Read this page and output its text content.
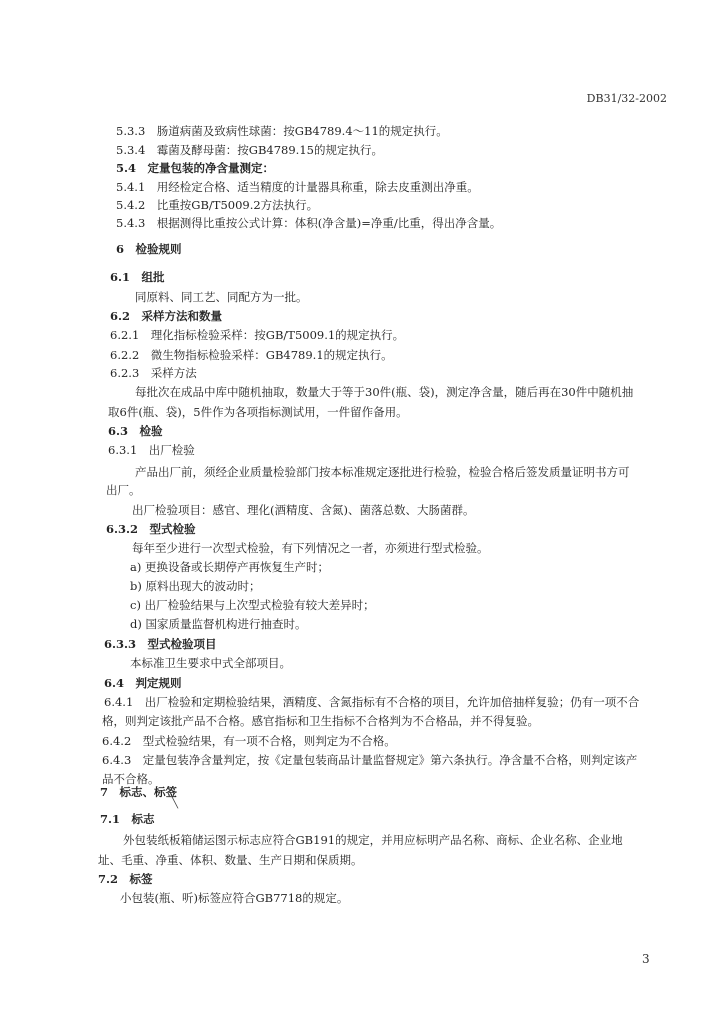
DB31/32-2002
5.3.3　肠道病菌及致病性球菌：按GB4789.4～11的规定执行。
5.3.4　霉菌及酵母菌：按GB4789.15的规定执行。
5.4　定量包装的净含量测定：
5.4.1　用经检定合格、适当精度的计量器具称重，除去皮重测出净重。
5.4.2　比重按GB/T5009.2方法执行。
5.4.3　根据测得比重按公式计算：体积(净含量)=净重/比重，得出净含量。
6　检验规则
6.1　组批
同原料、同工艺、同配方为一批。
6.2　采样方法和数量
6.2.1　理化指标检验采样：按GB/T5009.1的规定执行。
6.2.2　微生物指标检验采样：GB4789.1的规定执行。
6.2.3　采样方法
每批次在成品中库中随机抽取，数量大于等于30件(瓶、袋)，测定净含量，随后再在30件中随机抽
取6件(瓶、袋)，5件作为各项指标测试用，一件留作备用。
6.3　检验
6.3.1　出厂检验
产品出厂前，须经企业质量检验部门按本标准规定逐批进行检验，检验合格后签发质量证明书方可
出厂。
出厂检验项目：感官、理化(酒精度、含氮)、菌落总数、大肠菌群。
6.3.2　型式检验
每年至少进行一次型式检验，有下列情况之一者，亦须进行型式检验。
a) 更换设备或长期停产再恢复生产时；
b) 原料出现大的波动时；
c) 出厂检验结果与上次型式检验有较大差异时；
d) 国家质量监督机构进行抽查时。
6.3.3　型式检验项目
本标准卫生要求中式全部项目。
6.4　判定规则
6.4.1　出厂检验和定期检验结果，酒精度、含氮指标有不合格的项目，允许加倍抽样复验；仍有一项不合
格，则判定该批产品不合格。感官指标和卫生指标不合格判为不合格品，并不得复验。
6.4.2　型式检验结果，有一项不合格，则判定为不合格。
6.4.3　定量包装净含量判定，按《定量包装商品计量监督规定》第六条执行。净含量不合格，则判定该产
品不合格。
╲
7　标志、标签
7.1　标志
外包装纸板箱储运图示标志应符合GB191的规定，并用应标明产品名称、商标、企业名称、企业地
址、毛重、净重、体积、数量、生产日期和保质期。
7.2　标签
小包装(瓶、听)标签应符合GB7718的规定。
3
